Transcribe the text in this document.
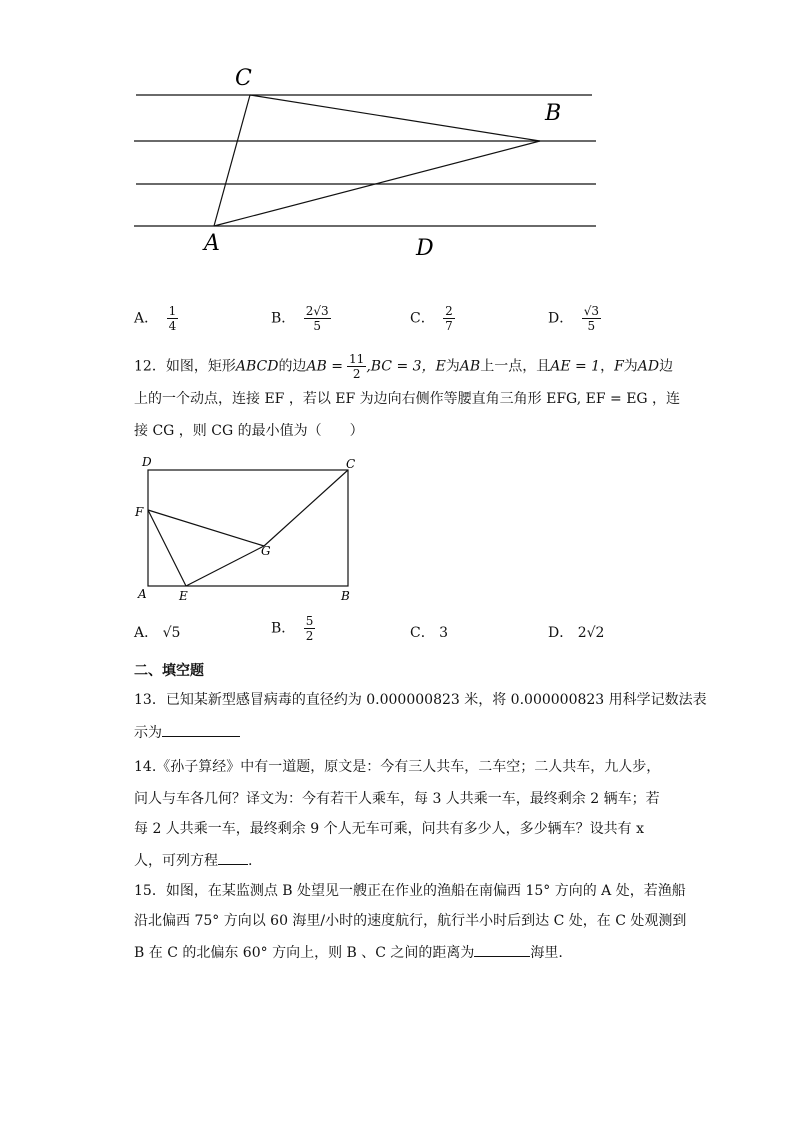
C
B
A	D
A． $\frac{1}{4}$	B． $\frac{2√3}{5}$	C． $\frac{2}{7}$	D． $\frac{√3}{5}$
12．如图，矩形ABCD的边AB = $\frac{11}{2} ,BC = 3$，E为AB上一点，且AE = 1，F为AD边
上的一个动点，连接 EF ，若以 EF 为边向右侧作等腰直角三角形 EFG, EF = EG ，连
接 CG ，则 CG 的最小值为（　　）
D	C
F
G
A	E	B
A． √5	B． $\frac{5}{2}$	C． 3	D． 2√2
二、填空题
13．已知某新型感冒病毒的直径约为 0.000000823 米，将 0.000000823 用科学记数法表
示为
14.《孙子算经》中有一道题，原文是：今有三人共车，二车空；二人共车，九人步，
问人与车各几何？译文为：今有若干人乘车，每 3 人共乘一车，最终剩余 2 辆车；若
每 2 人共乘一车，最终剩余 9 个人无车可乘，问共有多少人，多少辆车？设共有 x
人，可列方程 .
15．如图，在某监测点 B 处望见一艘正在作业的渔船在南偏西 15° 方向的 A 处，若渔船
沿北偏西 75° 方向以 60 海里/小时的速度航行，航行半小时后到达 C 处，在 C 处观测到
B 在 C 的北偏东 60° 方向上，则 B 、C 之间的距离为	海里.
